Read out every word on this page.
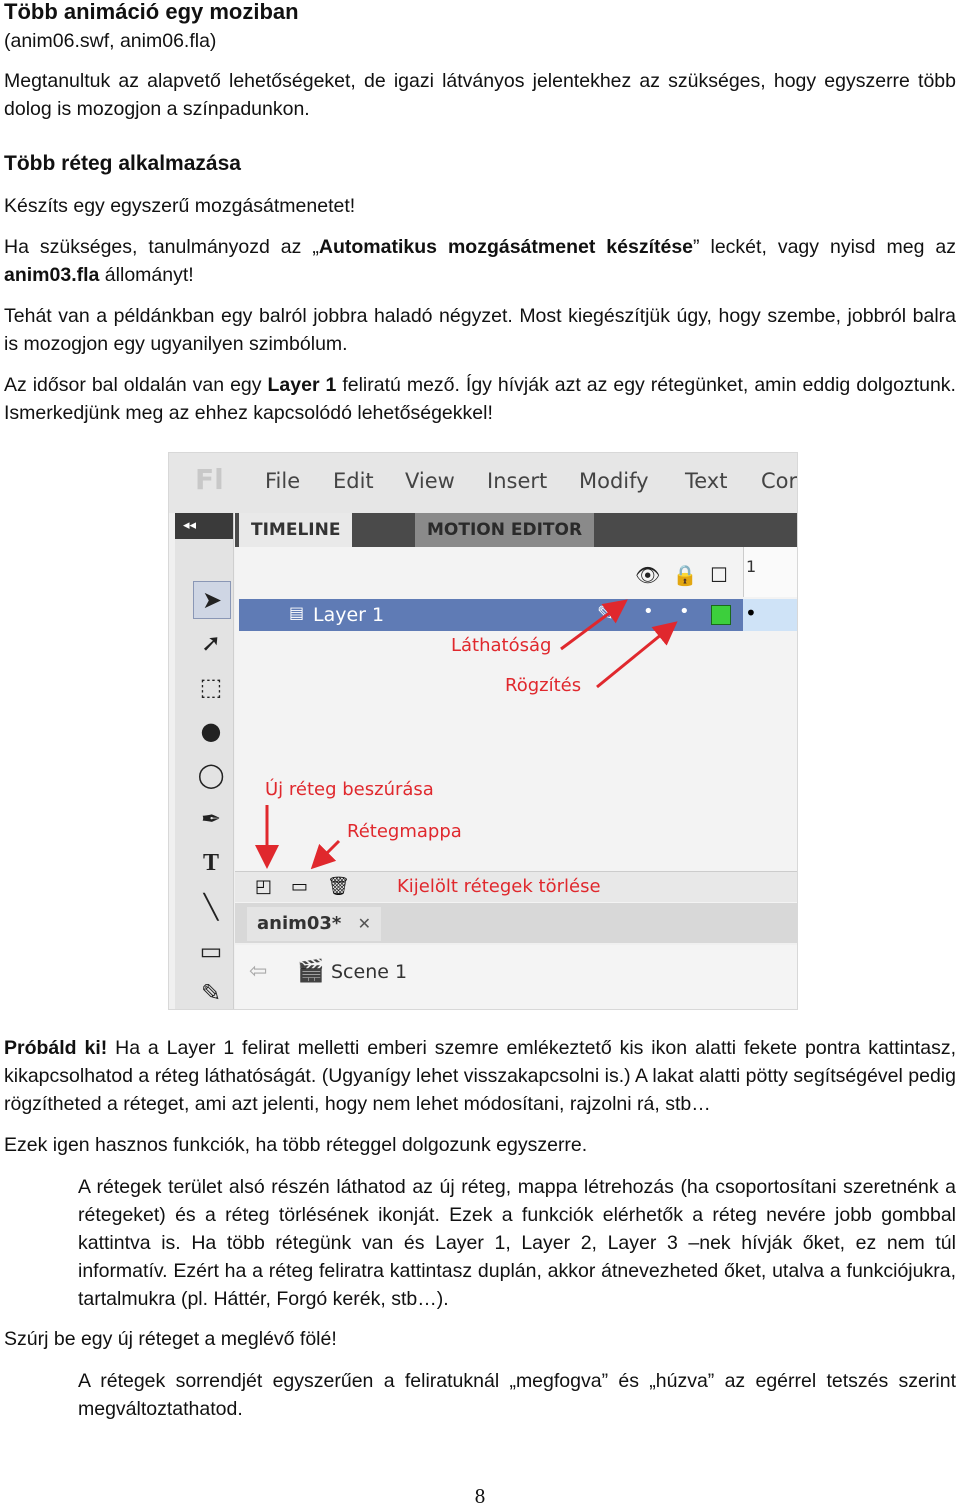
Több animáció egy moziban

(anim06.swf, anim06.fla)

Megtanultuk az alapvető lehetőségeket, de igazi látványos jelentekhez az szükséges, hogy egyszerre több dolog is mozogjon a színpadunkon.

Több réteg alkalmazása

Készíts egy egyszerű mozgásátmenetet!

Ha szükséges, tanulmányozd az „Automatikus mozgásátmenet készítése” leckét, vagy nyisd meg az anim03.fla állományt!

Tehát van a példánkban egy balról jobbra haladó négyzet. Most kiegészítjük úgy, hogy szembe, jobbról balra is mozogjon egy ugyanilyen szimbólum.

Az idősor bal oldalán van egy Layer 1 feliratú mező. Így hívják azt az egy rétegünket, amin eddig dolgoztunk. Ismerkedjünk meg az ehhez kapcsolódó lehetőségekkel!

Fl File Edit View Insert Modify Text Cor
➤
➚
⬚
●
◯
✒
T
╲
▭
✎
◂◂	TIMELINE	MOTION EDITOR
1
👁 🔒 ☐
▤ Layer 1	✎ • •	•
Láthatóság
Rögzítés
Új réteg beszúrása
Rétegmappa
◰ ▭ 🗑	Kijelölt rétegek törlése
anim03* ✕
⇦ 🎬 Scene 1

Próbáld ki! Ha a Layer 1 felirat melletti emberi szemre emlékeztető kis ikon alatti fekete pontra kattintasz, kikapcsolhatod a réteg láthatóságát. (Ugyanígy lehet visszakapcsolni is.) A lakat alatti pötty segítségével pedig rögzítheted a réteget, ami azt jelenti, hogy nem lehet módosítani, rajzolni rá, stb…

Ezek igen hasznos funkciók, ha több réteggel dolgozunk egyszerre.

A rétegek terület alsó részén láthatod az új réteg, mappa létrehozás (ha csoportosítani szeretnénk a rétegeket) és a réteg törlésének ikonját. Ezek a funkciók elérhetők a réteg nevére jobb gombbal kattintva is. Ha több rétegünk van és Layer 1, Layer 2, Layer 3 –nek hívják őket, ez nem túl informatív. Ezért ha a réteg feliratra kattintasz duplán, akkor átnevezheted őket, utalva a funkciójukra, tartalmukra (pl. Háttér, Forgó kerék, stb…).

Szúrj be egy új réteget a meglévő fölé!

A rétegek sorrendjét egyszerűen a feliratuknál „megfogva” és „húzva” az egérrel tetszés szerint megváltoztathatod.

8
